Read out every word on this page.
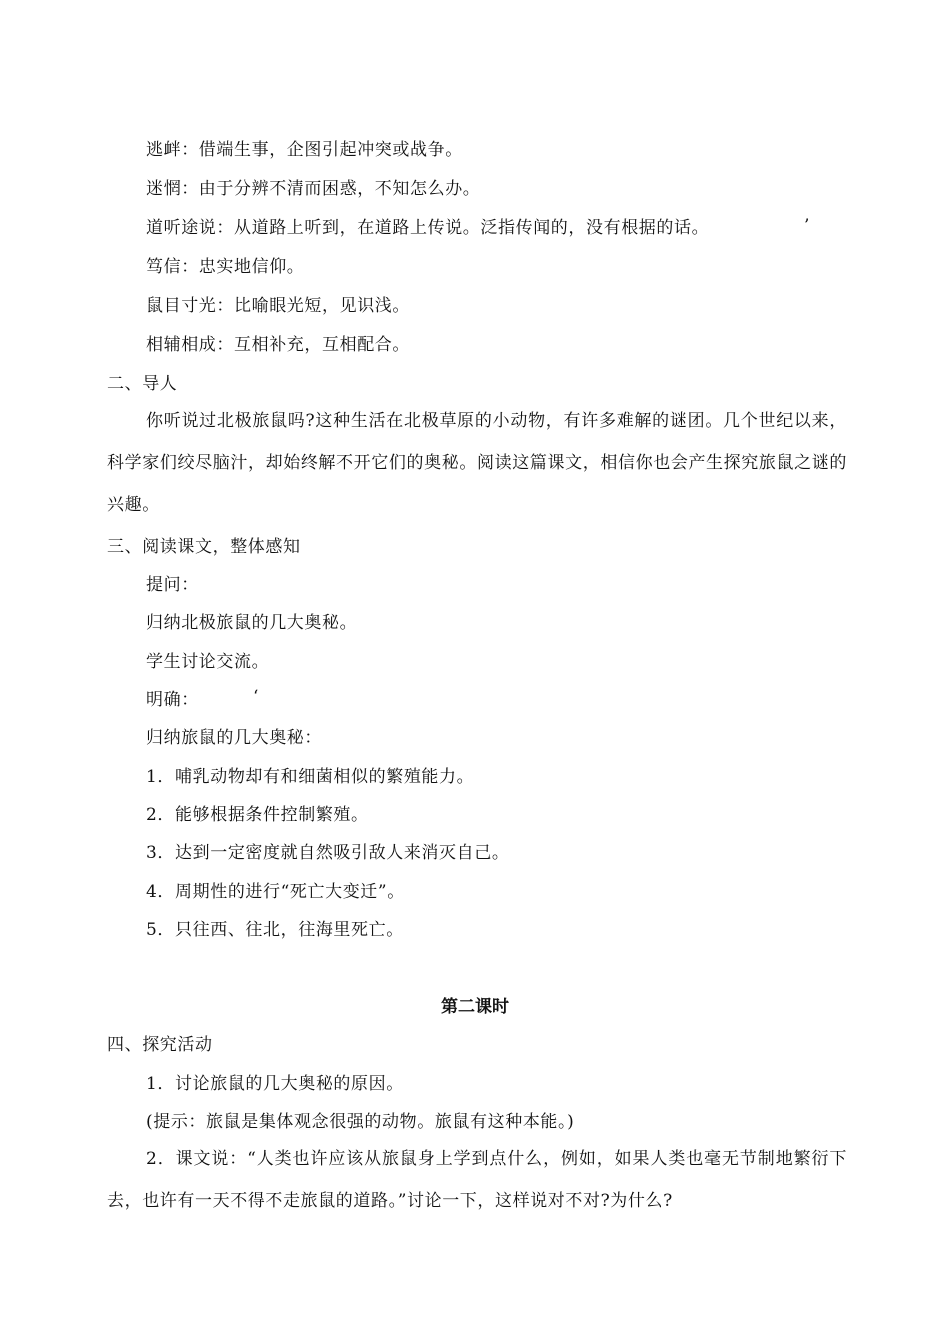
逃衅：借端生事，企图引起冲突或战争。
迷惘：由于分辨不清而困惑，不知怎么办。
道听途说：从道路上听到，在道路上传说。泛指传闻的，没有根据的话。	’
笃信：忠实地信仰。
鼠目寸光：比喻眼光短，见识浅。
相辅相成：互相补充，互相配合。
二、导人
你听说过北极旅鼠吗?这种生活在北极草原的小动物，有许多难解的谜团。几个世纪以来，科学家们绞尽脑汁，却始终解不开它们的奥秘。阅读这篇课文，相信你也会产生探究旅鼠之谜的兴趣。
三、阅读课文，整体感知
提问：
归纳北极旅鼠的几大奥秘。
学生讨论交流。
明确：	‘
归纳旅鼠的几大奥秘：
1．哺乳动物却有和细菌相似的繁殖能力。
2．能够根据条件控制繁殖。
3．达到一定密度就自然吸引敌人来消灭自己。
4．周期性的进行“死亡大变迁”。
5．只往西、往北，往海里死亡。
第二课时
四、探究活动
1．讨论旅鼠的几大奥秘的原因。
(提示：旅鼠是集体观念很强的动物。旅鼠有这种本能。)
2．课文说：“人类也许应该从旅鼠身上学到点什么，例如，如果人类也毫无节制地繁衍下去，也许有一天不得不走旅鼠的道路。”讨论一下，这样说对不对?为什么?
